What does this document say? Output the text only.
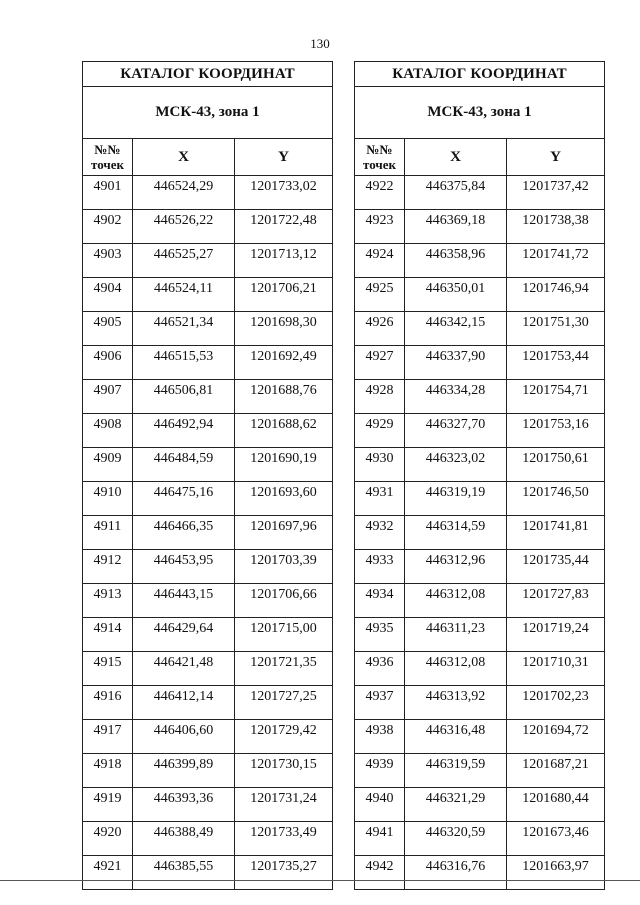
130
КАТАЛОГ КООРДИНАТ		
МСК-43, зона 1		
№№
точек	X	Y
4901	446524,29	1201733,02
4902	446526,22	1201722,48
4903	446525,27	1201713,12
4904	446524,11	1201706,21
4905	446521,34	1201698,30
4906	446515,53	1201692,49
4907	446506,81	1201688,76
4908	446492,94	1201688,62
4909	446484,59	1201690,19
4910	446475,16	1201693,60
4911	446466,35	1201697,96
4912	446453,95	1201703,39
4913	446443,15	1201706,66
4914	446429,64	1201715,00
4915	446421,48	1201721,35
4916	446412,14	1201727,25
4917	446406,60	1201729,42
4918	446399,89	1201730,15
4919	446393,36	1201731,24
4920	446388,49	1201733,49
4921	446385,55	1201735,27
КАТАЛОГ КООРДИНАТ		
МСК-43, зона 1		
№№
точек	X	Y
4922	446375,84	1201737,42
4923	446369,18	1201738,38
4924	446358,96	1201741,72
4925	446350,01	1201746,94
4926	446342,15	1201751,30
4927	446337,90	1201753,44
4928	446334,28	1201754,71
4929	446327,70	1201753,16
4930	446323,02	1201750,61
4931	446319,19	1201746,50
4932	446314,59	1201741,81
4933	446312,96	1201735,44
4934	446312,08	1201727,83
4935	446311,23	1201719,24
4936	446312,08	1201710,31
4937	446313,92	1201702,23
4938	446316,48	1201694,72
4939	446319,59	1201687,21
4940	446321,29	1201680,44
4941	446320,59	1201673,46
4942	446316,76	1201663,97
